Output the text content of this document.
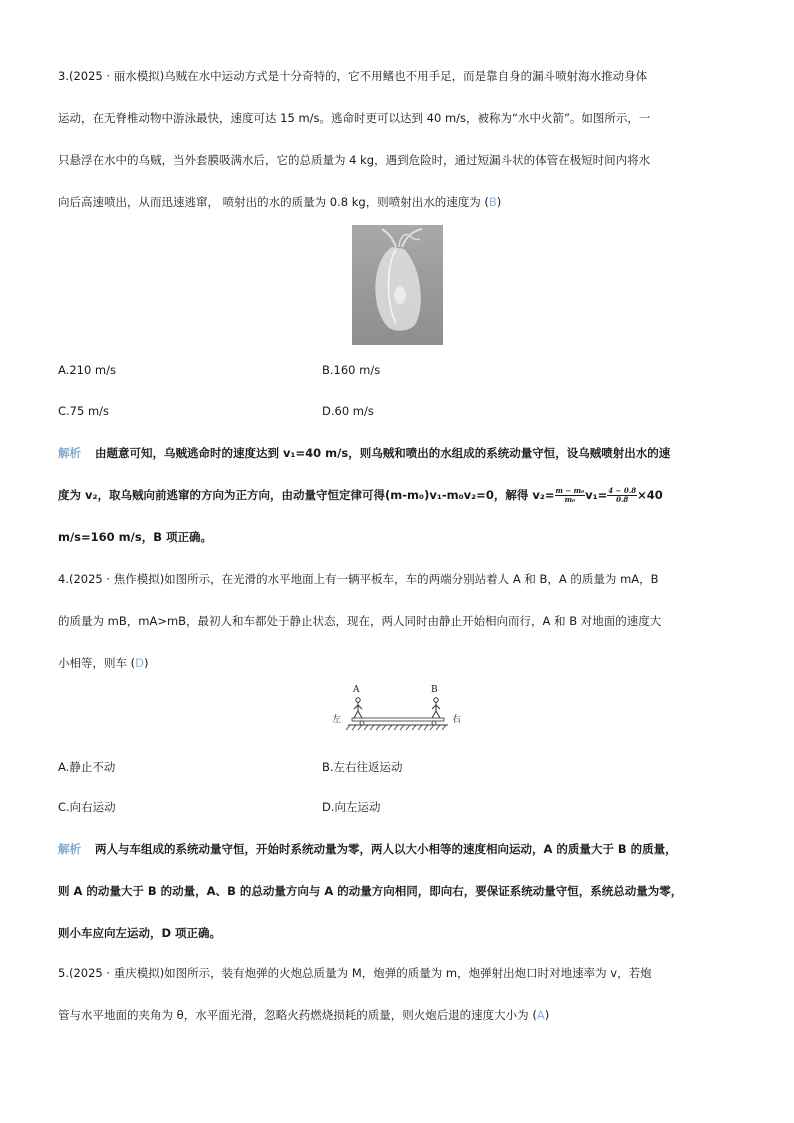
3.(2025 · 丽水模拟)乌贼在水中运动方式是十分奇特的，它不用鳍也不用手足，而是靠自身的漏斗喷射海水推动身体
运动，在无脊椎动物中游泳最快，速度可达 15 m/s。逃命时更可以达到 40 m/s，被称为“水中火箭”。如图所示，一
只悬浮在水中的乌贼，当外套膜吸满水后，它的总质量为 4 kg，遇到危险时，通过短漏斗状的体管在极短时间内将水
向后高速喷出，从而迅速逃窜， 喷射出的水的质量为 0.8 kg，则喷射出水的速度为 (B)
A.210 m/s	B.160 m/s
C.75 m/s	D.60 m/s
解析 由题意可知，乌贼逃命时的速度达到 v₁=40 m/s，则乌贼和喷出的水组成的系统动量守恒，设乌贼喷射出水的速
度为 v₂，取乌贼向前逃窜的方向为正方向，由动量守恒定律可得(m-m₀)v₁-m₀v₂=0，解得 $v_2= \frac{\text{m − m₀}}{\text{m₀}} v_1= \frac{4 - 0.8}{0.8} \times 40$
m/s=160 m/s，B 项正确。
4.(2025 · 焦作模拟)如图所示，在光滑的水平地面上有一辆平板车，车的两端分别站着人 A 和 B，A 的质量为 mA，B
的质量为 mB，mA>mB，最初人和车都处于静止状态，现在，两人同时由静止开始相向而行，A 和 B 对地面的速度大
小相等，则车 (D)
A	B
左	右
A.静止不动	B.左右往返运动
C.向右运动	D.向左运动
解析 两人与车组成的系统动量守恒，开始时系统动量为零，两人以大小相等的速度相向运动，A 的质量大于 B 的质量，
则 A 的动量大于 B 的动量，A、B 的总动量方向与 A 的动量方向相同，即向右，要保证系统动量守恒，系统总动量为零，
则小车应向左运动，D 项正确。
5.(2025 · 重庆模拟)如图所示，装有炮弹的火炮总质量为 M，炮弹的质量为 m，炮弹射出炮口时对地速率为 v，若炮
管与水平地面的夹角为 θ，水平面光滑，忽略火药燃烧损耗的质量，则火炮后退的速度大小为 (A)
